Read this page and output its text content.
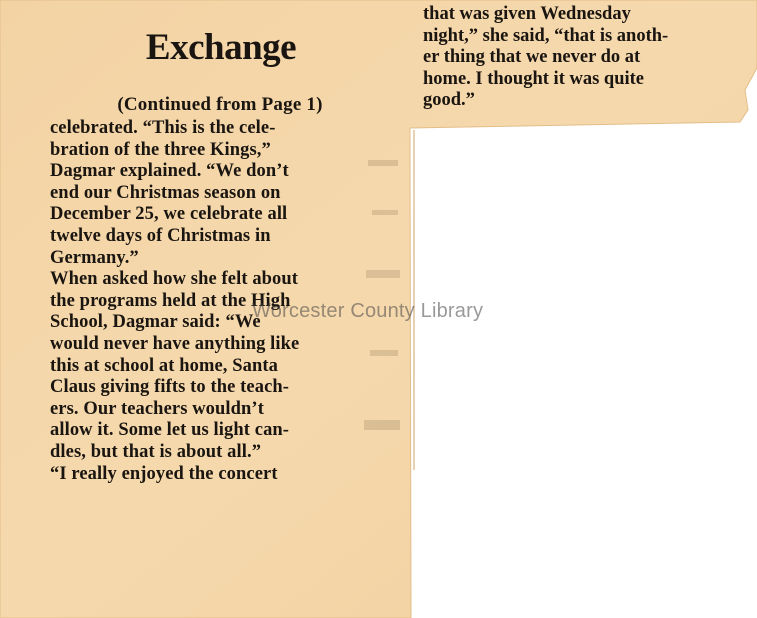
Exchange
(Continued from Page 1)
celebrated. “This is the cele-
bration of the three Kings,”
Dagmar explained. “We don’t
end our Christmas season on
December 25, we celebrate all
twelve days of Christmas in
Germany.”
When asked how she felt about
the programs held at the High
School, Dagmar said: “We
would never have anything like
this at school at home, Santa
Claus giving fifts to the teach-
ers. Our teachers wouldn’t
allow it. Some let us light can-
dles, but that is about all.”
“I really enjoyed the concert
that was given Wednesday
night,” she said, “that is anoth-
er thing that we never do at
home. I thought it was quite
good.”
Worcester County Library
